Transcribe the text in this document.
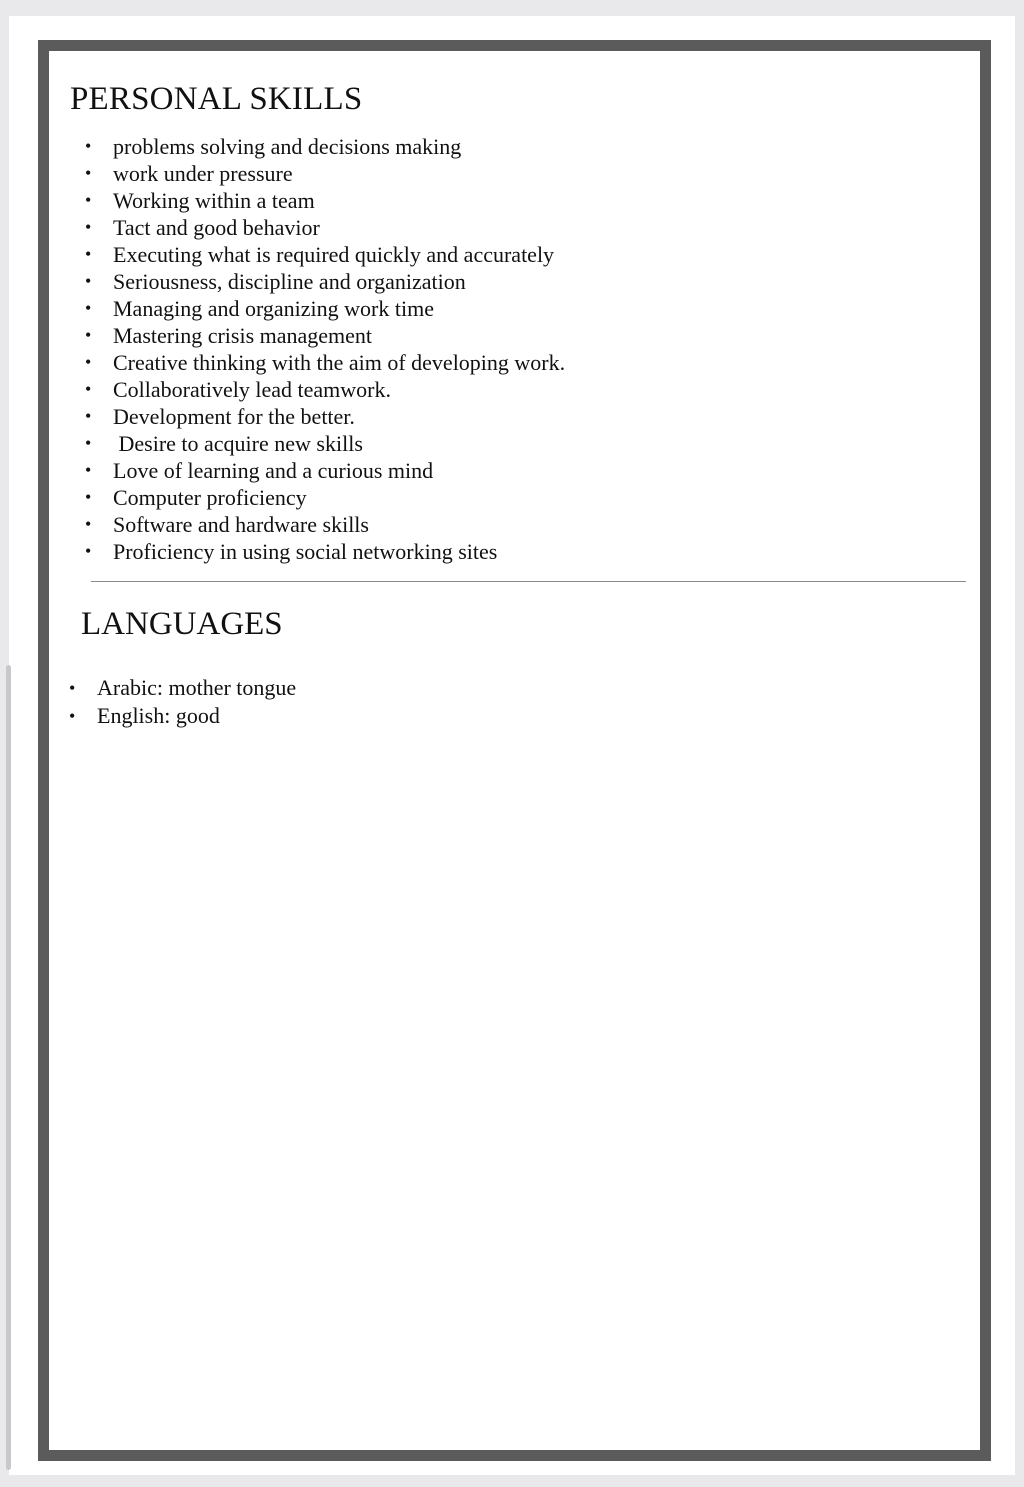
PERSONAL SKILLS
• problems solving and decisions making
• work under pressure
• Working within a team
• Tact and good behavior
• Executing what is required quickly and accurately
• Seriousness, discipline and organization
• Managing and organizing work time
• Mastering crisis management
• Creative thinking with the aim of developing work.
• Collaboratively lead teamwork.
• Development for the better.
• Desire to acquire new skills
• Love of learning and a curious mind
• Computer proficiency
• Software and hardware skills
• Proficiency in using social networking sites
LANGUAGES
• Arabic: mother tongue
• English: good
